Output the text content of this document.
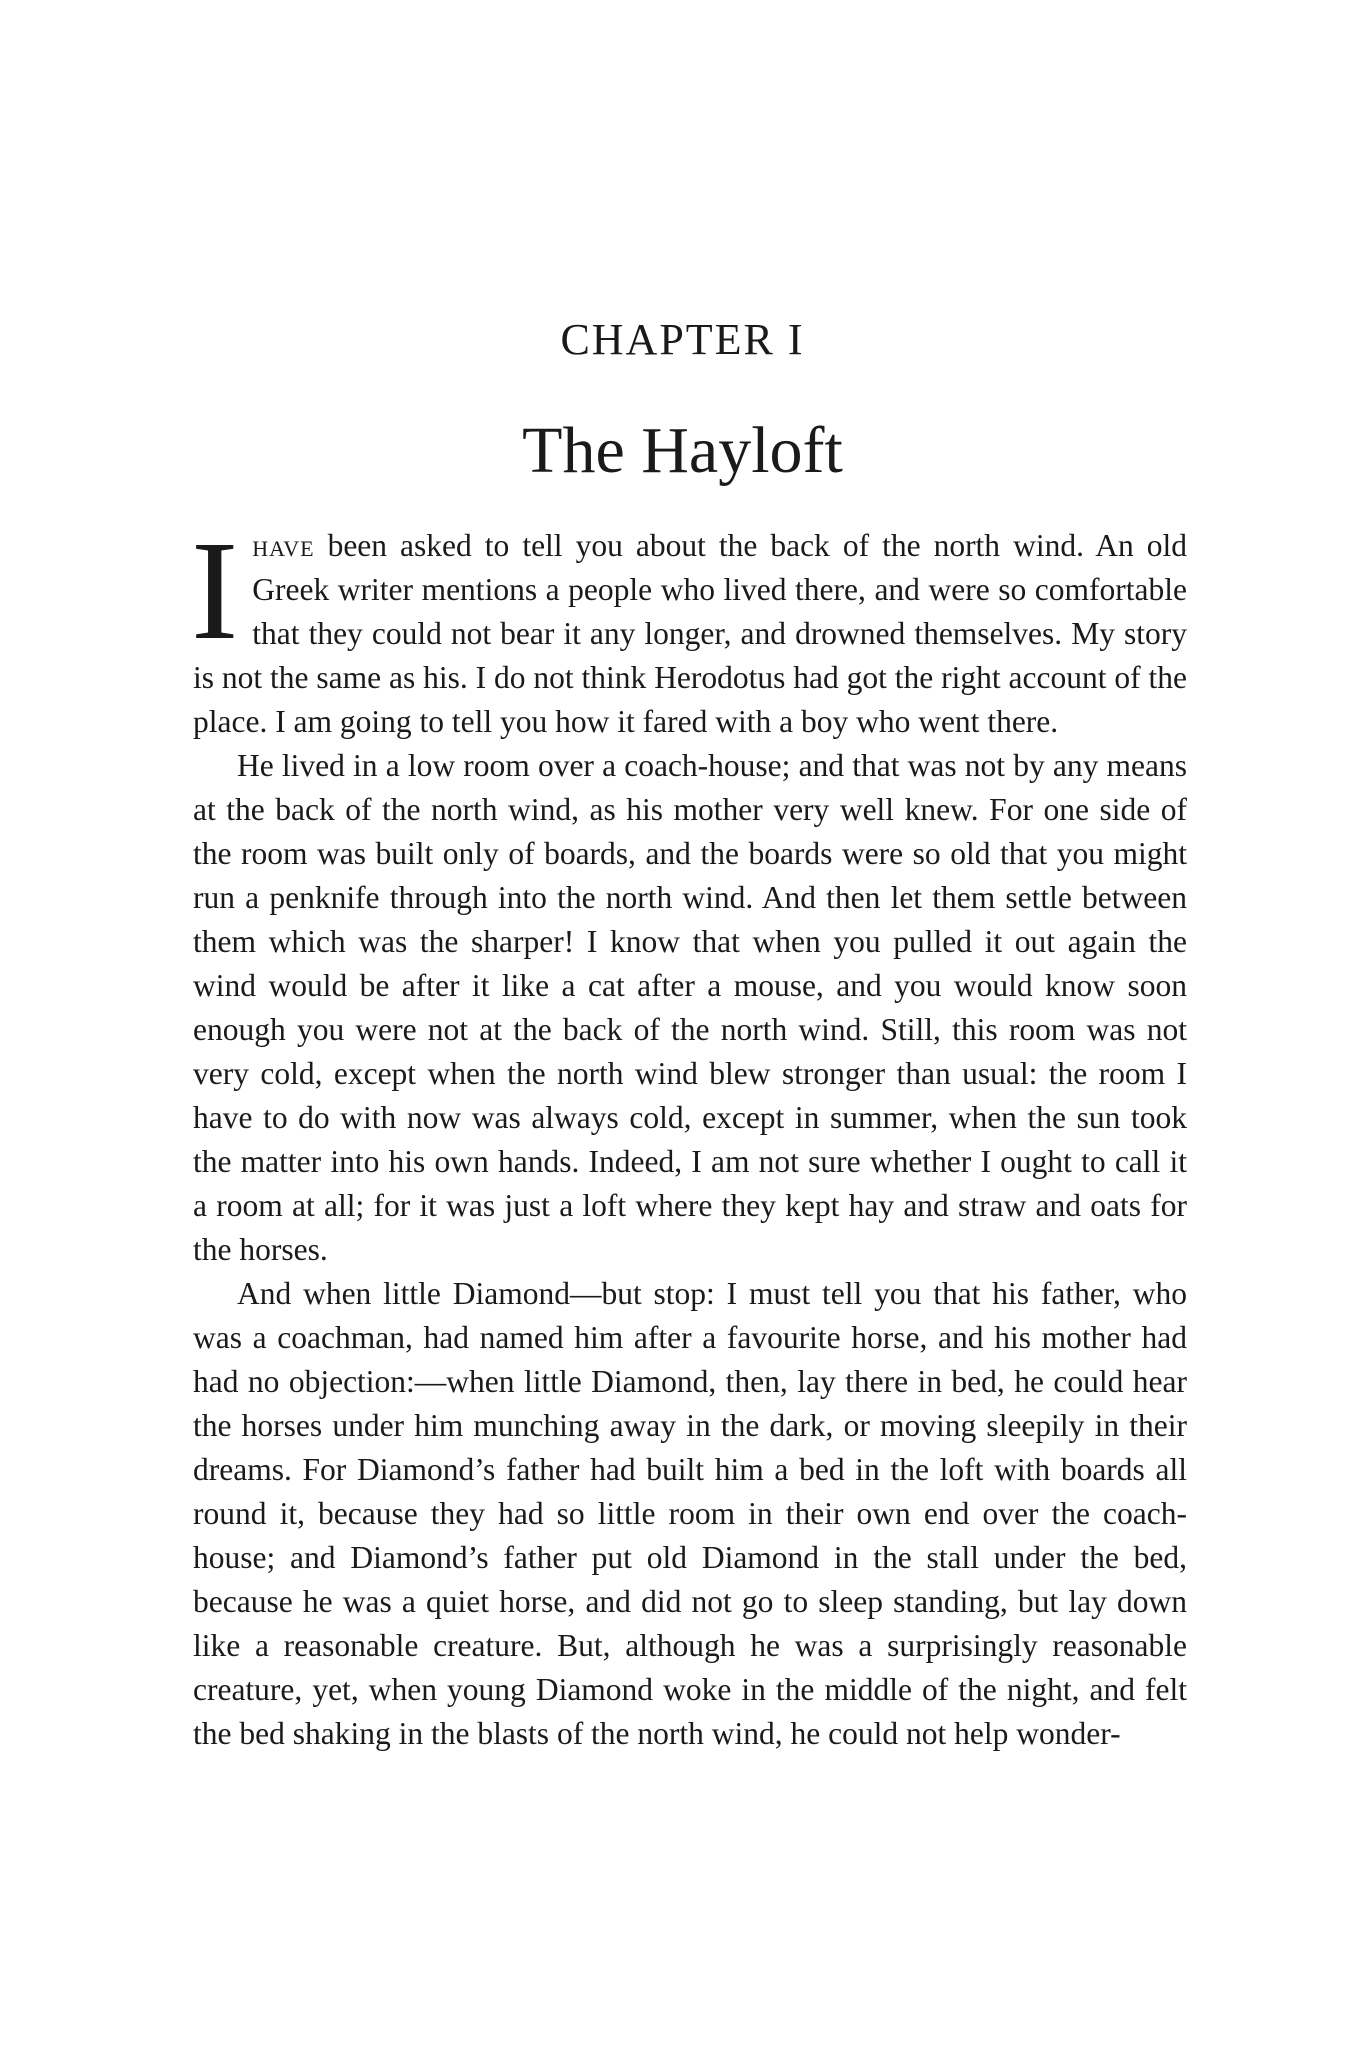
CHAPTER I
The Hayloft

Ihave been asked to tell you about the back of the north wind. An old Greek writer mentions a people who lived there, and were so comfortable that they could not bear it any longer, and drowned themselves. My story is not the same as his. I do not think Herodotus had got the right account of the place. I am going to tell you how it fared with a boy who went there.

He lived in a low room over a coach-house; and that was not by any means at the back of the north wind, as his mother very well knew. For one side of the room was built only of boards, and the boards were so old that you might run a penknife through into the north wind. And then let them settle between them which was the sharper! I know that when you pulled it out again the wind would be after it like a cat after a mouse, and you would know soon enough you were not at the back of the north wind. Still, this room was not very cold, except when the north wind blew stronger than usual: the room I have to do with now was always cold, except in summer, when the sun took the matter into his own hands. Indeed, I am not sure whether I ought to call it a room at all; for it was just a loft where they kept hay and straw and oats for the horses.

And when little Diamond—but stop: I must tell you that his father, who was a coachman, had named him after a favourite horse, and his mother had had no objection:—when little Diamond, then, lay there in bed, he could hear the horses under him munching away in the dark, or moving sleepily in their dreams. For Diamond’s father had built him a bed in the loft with boards all round it, because they had so little room in their own end over the coach-house; and Diamond’s father put old Diamond in the stall under the bed, because he was a quiet horse, and did not go to sleep standing, but lay down like a reasonable creature. But, although he was a surprisingly reasonable creature, yet, when young Diamond woke in the middle of the night, and felt the bed shaking in the blasts of the north wind, he could not help wonder-
